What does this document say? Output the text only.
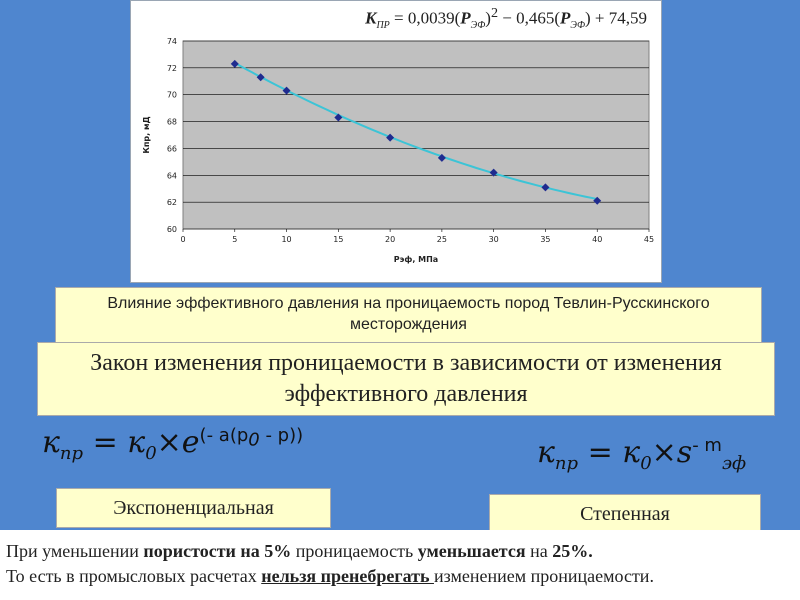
60
62
64
66
68
70
72
74
0	5	10	15	20	25	30	35	40	45
Рэф, МПа
Кпр, мД
$K_{ПР} = 0,0039(P_{ЭФ})^2 - 0,465(P_{ЭФ}) + 74,59$
Влияние эффективного давления на проницаемость пород Тевлин-Русскинского месторождения
Закон изменения проницаемости в зависимости от изменения эффективного давления
$к_{пр} = к_0\times e^{(- a(p_0 - p))}$	$к_{пр} = к_0\times s^{- m}_{эф}$
Экспоненциальная	Степенная
При уменьшении пористости на 5% проницаемость уменьшается на 25%.
То есть в промысловых расчетах нельзя пренебрегать изменением проницаемости.
